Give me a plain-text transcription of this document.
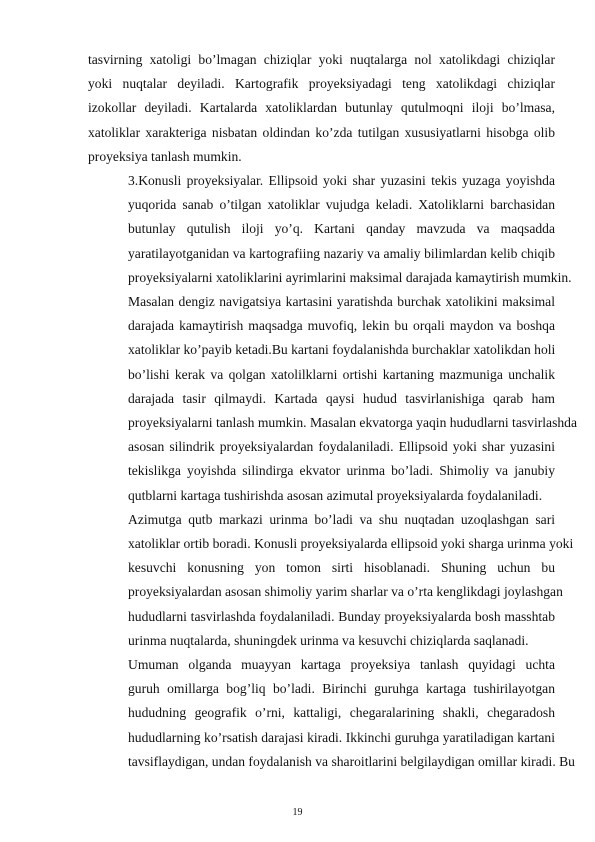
tasvirning xatoligi bo’lmagan chiziqlar yoki nuqtalarga nol xatolikdagi chiziqlar
yoki nuqtalar deyiladi. Kartografik proyeksiyadagi teng xatolikdagi chiziqlar
izokollar deyiladi. Kartalarda xatoliklardan butunlay qutulmoqni iloji bo’lmasa,
xatoliklar xarakteriga nisbatan oldindan ko’zda tutilgan xususiyatlarni hisobga olib
proyeksiya tanlash mumkin.
3.Konusli proyeksiyalar. Ellipsoid yoki shar yuzasini tekis yuzaga yoyishda
yuqorida sanab o’tilgan xatoliklar vujudga keladi. Xatoliklarni barchasidan
butunlay qutulish iloji yo’q. Kartani qanday mavzuda va maqsadda
yaratilayotganidan va kartografiing nazariy va amaliy bilimlardan kelib chiqib
proyeksiyalarni xatoliklarini ayrimlarini maksimal darajada kamaytirish mumkin.
Masalan dengiz navigatsiya kartasini yaratishda burchak xatolikini maksimal
darajada kamaytirish maqsadga muvofiq, lekin bu orqali maydon va boshqa
xatoliklar ko’payib ketadi.Bu kartani foydalanishda burchaklar xatolikdan holi
bo’lishi kerak va qolgan xatolilklarni ortishi kartaning mazmuniga unchalik
darajada tasir qilmaydi. Kartada qaysi hudud tasvirlanishiga qarab ham
proyeksiyalarni tanlash mumkin. Masalan ekvatorga yaqin hududlarni tasvirlashda
asosan silindrik proyeksiyalardan foydalaniladi. Ellipsoid yoki shar yuzasini
tekislikga yoyishda silindirga ekvator urinma bo’ladi. Shimoliy va janubiy
qutblarni kartaga tushirishda asosan azimutal proyeksiyalarda foydalaniladi.
Azimutga qutb markazi urinma bo’ladi va shu nuqtadan uzoqlashgan sari
xatoliklar ortib boradi. Konusli proyeksiyalarda ellipsoid yoki sharga urinma yoki
kesuvchi konusning yon tomon sirti hisoblanadi. Shuning uchun bu
proyeksiyalardan asosan shimoliy yarim sharlar va o’rta kenglikdagi joylashgan
hududlarni tasvirlashda foydalaniladi. Bunday proyeksiyalarda bosh masshtab
urinma nuqtalarda, shuningdek urinma va kesuvchi chiziqlarda saqlanadi.
Umuman olganda muayyan kartaga proyeksiya tanlash quyidagi uchta
guruh omillarga bog’liq bo’ladi. Birinchi guruhga kartaga tushirilayotgan
hududning geografik o’rni, kattaligi, chegaralarining shakli, chegaradosh
hududlarning ko’rsatish darajasi kiradi. Ikkinchi guruhga yaratiladigan kartani
tavsiflaydigan, undan foydalanish va sharoitlarini belgilaydigan omillar kiradi. Bu
19
